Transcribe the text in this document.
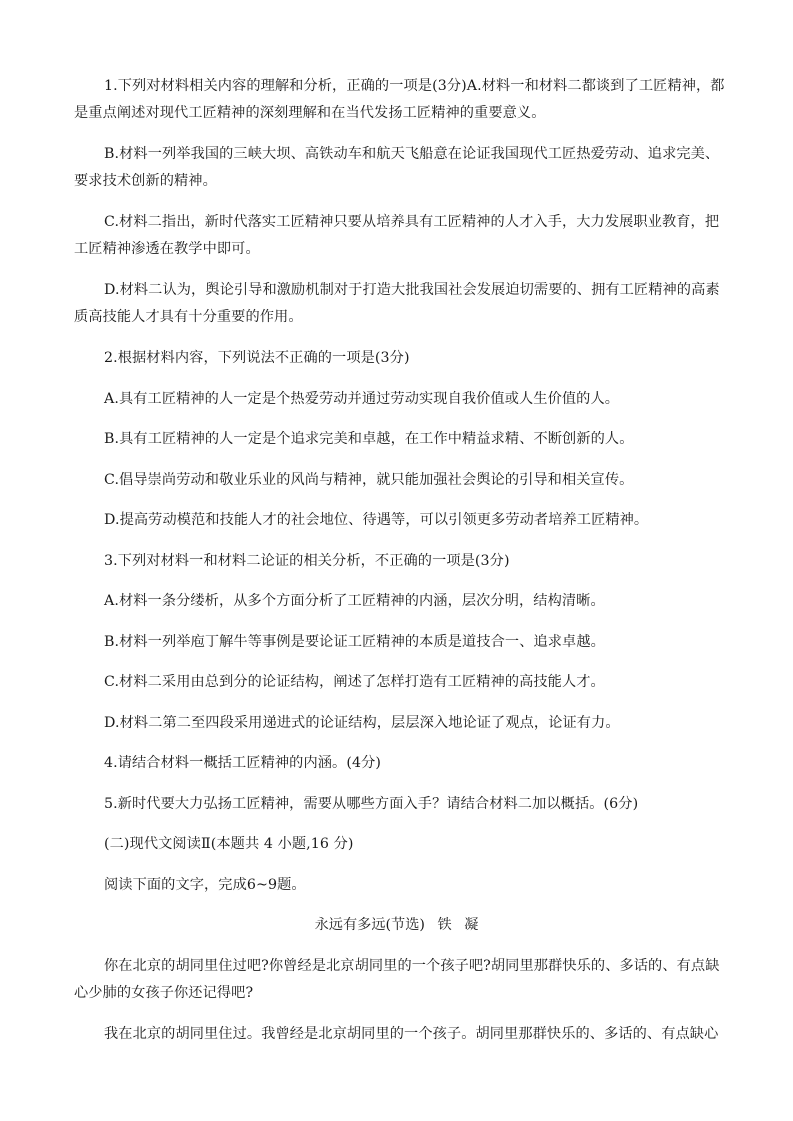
1.下列对材料相关内容的理解和分析，正确的一项是(3分)A.材料一和材料二都谈到了工匠精神，都
是重点阐述对现代工匠精神的深刻理解和在当代发扬工匠精神的重要意义。
B.材料一列举我国的三峡大坝、高铁动车和航天飞船意在论证我国现代工匠热爱劳动、追求完美、
要求技术创新的精神。
C.材料二指出，新时代落实工匠精神只要从培养具有工匠精神的人才入手，大力发展职业教育，把
工匠精神渗透在教学中即可。
D.材料二认为，舆论引导和激励机制对于打造大批我国社会发展迫切需要的、拥有工匠精神的高素
质高技能人才具有十分重要的作用。
2.根据材料内容，下列说法不正确的一项是(3分)
A.具有工匠精神的人一定是个热爱劳动并通过劳动实现自我价值或人生价值的人。
B.具有工匠精神的人一定是个追求完美和卓越，在工作中精益求精、不断创新的人。
C.倡导崇尚劳动和敬业乐业的风尚与精神，就只能加强社会舆论的引导和相关宣传。
D.提高劳动模范和技能人才的社会地位、待遇等，可以引领更多劳动者培养工匠精神。
3.下列对材料一和材料二论证的相关分析，不正确的一项是(3分)
A.材料一条分缕析，从多个方面分析了工匠精神的内涵，层次分明，结构清晰。
B.材料一列举庖丁解牛等事例是要论证工匠精神的本质是道技合一、追求卓越。
C.材料二采用由总到分的论证结构，阐述了怎样打造有工匠精神的高技能人才。
D.材料二第二至四段采用递进式的论证结构，层层深入地论证了观点，论证有力。
4.请结合材料一概括工匠精神的内涵。(4分)
5.新时代要大力弘扬工匠精神，需要从哪些方面入手？请结合材料二加以概括。(6分)
(二)现代文阅读Ⅱ(本题共 4 小题,16 分)
阅读下面的文字，完成6~9题。
永远有多远(节选) 铁 凝
你在北京的胡同里住过吧?你曾经是北京胡同里的一个孩子吧?胡同里那群快乐的、多话的、有点缺
心少肺的女孩子你还记得吧?
我在北京的胡同里住过。我曾经是北京胡同里的一个孩子。胡同里那群快乐的、多话的、有点缺心
